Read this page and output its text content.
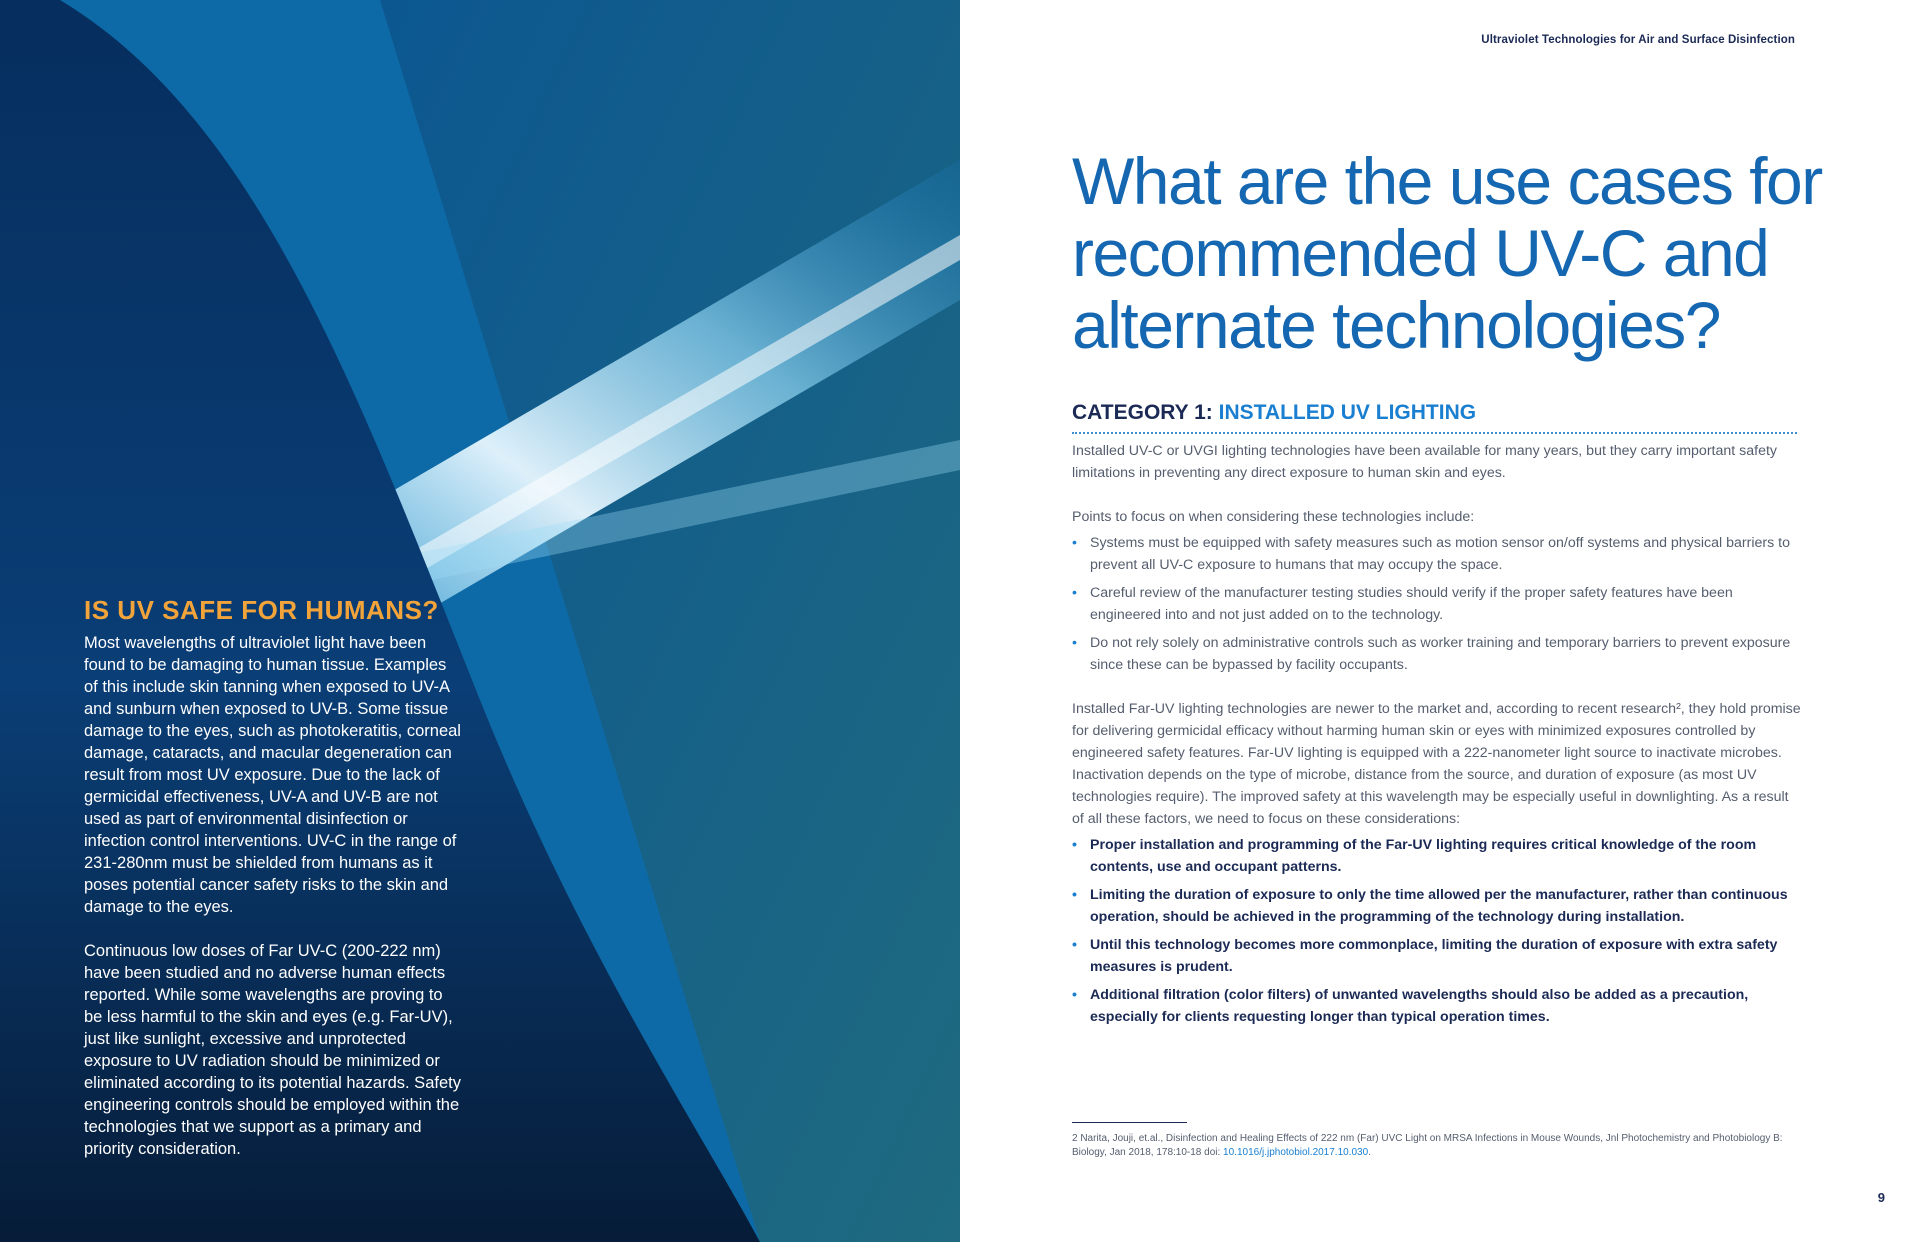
IS UV SAFE FOR HUMANS?

Most wavelengths of ultraviolet light have been found to be damaging to human tissue. Examples of this include skin tanning when exposed to UV-A and sunburn when exposed to UV-B. Some tissue damage to the eyes, such as photokeratitis, corneal damage, cataracts, and macular degeneration can result from most UV exposure. Due to the lack of germicidal effectiveness, UV-A and UV-B are not used as part of environmental disinfection or infection control interventions. UV-C in the range of 231-280nm must be shielded from humans as it poses potential cancer safety risks to the skin and damage to the eyes.

Continuous low doses of Far UV-C (200-222 nm) have been studied and no adverse human effects reported. While some wavelengths are proving to be less harmful to the skin and eyes (e.g. Far-UV), just like sunlight, excessive and unprotected exposure to UV radiation should be minimized or eliminated according to its potential hazards. Safety engineering controls should be employed within the technologies that we support as a primary and priority consideration.

Ultraviolet Technologies for Air and Surface Disinfection
What are the use cases for recommended UV-C and alternate technologies?
CATEGORY 1: INSTALLED UV LIGHTING

Installed UV-C or UVGI lighting technologies have been available for many years, but they carry important safety limitations in preventing any direct exposure to human skin and eyes.

Points to focus on when considering these technologies include:

• Systems must be equipped with safety measures such as motion sensor on/off systems and physical barriers to prevent all UV-C exposure to humans that may occupy the space.
• Careful review of the manufacturer testing studies should verify if the proper safety features have been engineered into and not just added on to the technology.
• Do not rely solely on administrative controls such as worker training and temporary barriers to prevent exposure since these can be bypassed by facility occupants.

Installed Far-UV lighting technologies are newer to the market and, according to recent research², they hold promise for delivering germicidal efficacy without harming human skin or eyes with minimized exposures controlled by engineered safety features. Far-UV lighting is equipped with a 222-nanometer light source to inactivate microbes. Inactivation depends on the type of microbe, distance from the source, and duration of exposure (as most UV technologies require). The improved safety at this wavelength may be especially useful in downlighting. As a result of all these factors, we need to focus on these considerations:

• Proper installation and programming of the Far-UV lighting requires critical knowledge of the room contents, use and occupant patterns.
• Limiting the duration of exposure to only the time allowed per the manufacturer, rather than continuous operation, should be achieved in the programming of the technology during installation.
• Until this technology becomes more commonplace, limiting the duration of exposure with extra safety measures is prudent.
• Additional filtration (color filters) of unwanted wavelengths should also be added as a precaution, especially for clients requesting longer than typical operation times.
2 Narita, Jouji, et.al., Disinfection and Healing Effects of 222 nm (Far) UVC Light on MRSA Infections in Mouse Wounds, Jnl Photochemistry and Photobiology B: Biology, Jan 2018, 178:10-18 doi: 10.1016/j.jphotobiol.2017.10.030.
9
